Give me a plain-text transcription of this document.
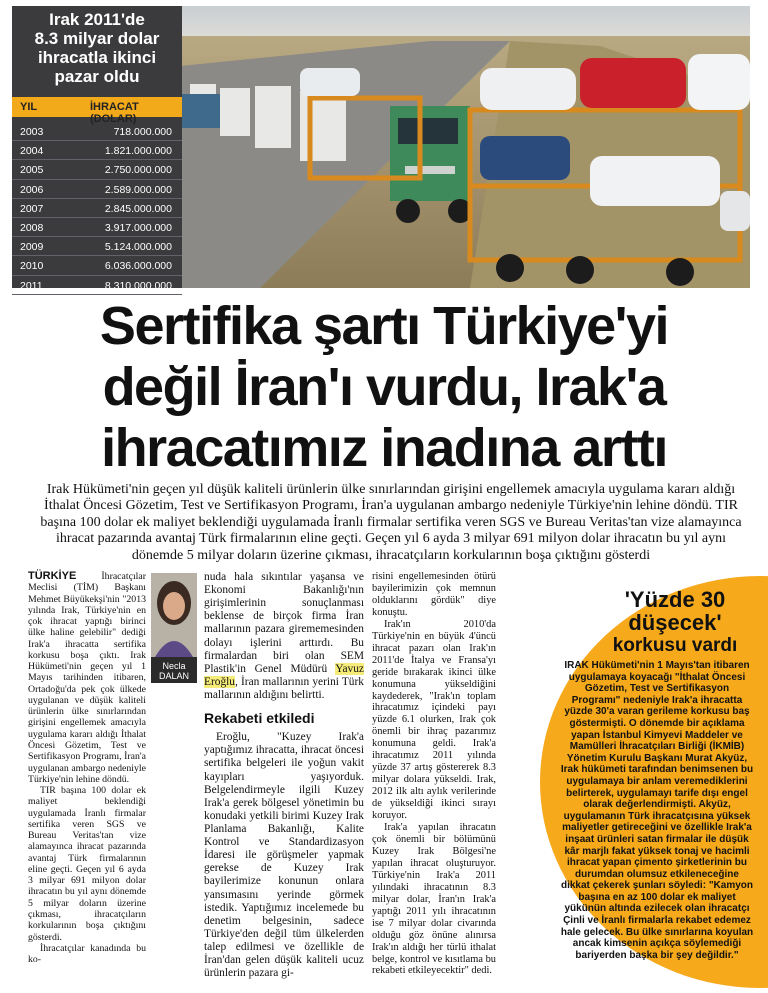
Irak 2011'de
8.3 milyar dolar
ihracatla ikinci
pazar oldu
YIL	İHRACAT (DOLAR)
2003	718.000.000
2004	1.821.000.000
2005	2.750.000.000
2006	2.589.000.000
2007	2.845.000.000
2008	3.917.000.000
2009	5.124.000.000
2010	6.036.000.000
2011	8.310.000.000
Sertifika şartı Türkiye'yi
değil İran'ı vurdu, Irak'a
ihracatımız inadına arttı
Irak Hükümeti'nin geçen yıl düşük kaliteli ürünlerin ülke sınırlarından girişini engellemek amacıyla uygulama kararı aldığı İthalat Öncesi Gözetim, Test ve Sertifikasyon Programı, İran'a uygulanan ambargo nedeniyle Türkiye'nin lehine döndü. TIR başına 100 dolar ek maliyet beklendiği uygulamada İranlı firmalar sertifika veren SGS ve Bureau Veritas'tan vize alamayınca ihracat pazarında avantaj Türk firmalarının eline geçti. Geçen yıl 6 ayda 3 milyar 691 milyon dolar ihracatın bu yıl aynı dönemde 5 milyar doların üzerine çıkması, ihracatçıların korkularının boşa çıktığını gösterdi

TÜRKİYE	İhracatçılar Meclisi (TİM) Başkanı Mehmet Büyükekşi'nin "2013 yılında Irak, Türkiye'nin en çok ihracat yaptığı birinci ülke haline gelebilir" dediği Irak'a ihracatta sertifika korkusu boşa çıktı. Irak Hükümeti'nin geçen yıl 1 Mayıs tarihinden itibaren, Ortadoğu'da pek çok ülkede uygulanan ve düşük kaliteli ürünlerin ülke sınırlarından girişini engellemek amacıyla uygulama kararı aldığı İthalat Öncesi Gözetim, Test ve Sertifikasyon Programı, İran'a uygulanan ambargo nedeniyle Türkiye'nin lehine döndü.

TIR başına 100 dolar ek maliyet beklendiği uygulamada İranlı firmalar sertifika veren SGS ve Bureau Veritas'tan vize alamayınca ihracat pazarında avantaj Türk firmalarının eline geçti. Geçen yıl 6 ayda 3 milyar 691 milyon dolar ihracatın bu yıl aynı dönemde 5 milyar doların üzerine çıkması, ihracatçıların korkularının boşa çıktığını gösterdi.

İhracatçılar kanadında bu ko-

Necla
DALAN

nuda hala sıkıntılar yaşansa ve Ekonomi Bakanlığı'nın girişimlerinin sonuçlanması beklense de birçok firma İran mallarının pazara girememesinden dolayı işlerini arttırdı. Bu firmalardan biri olan SEM Plastik'in Genel Müdürü Yavuz Eroğlu, İran mallarının yerini Türk mallarının aldığını belirtti.

Rekabeti etkiledi

Eroğlu, "Kuzey Irak'a yaptığımız ihracatta, ihracat öncesi sertifika belgeleri ile yoğun vakit kayıpları yaşıyorduk. Belgelendirmeyle ilgili Kuzey Irak'a gerek bölgesel yönetimin bu konudaki yetkili birimi Kuzey Irak Planlama Bakanlığı, Kalite Kontrol ve Standardizasyon İdaresi ile görüşmeler yapmak gerekse de Kuzey Irak bayilerimize konunun onlara yansımasını yerinde görmek istedik. Yaptığımız incelemede bu denetim belgesinin, sadece Türkiye'den değil tüm ülkelerden talep edilmesi ve özellikle de İran'dan gelen düşük kaliteli ucuz ürünlerin pazara gi-

risini engellemesinden ötürü bayilerimizin çok memnun olduklarını gördük" diye konuştu.

Irak'ın 2010'da Türkiye'nin en büyük 4'üncü ihracat pazarı olan Irak'ın 2011'de İtalya ve Fransa'yı geride bırakarak ikinci ülke konumuna yükseldiğini kaydederek, "Irak'ın toplam ihracatımız içindeki payı yüzde 6.1 olurken, Irak çok önemli bir ihraç pazarımız konumuna geldi. Irak'a ihracatımız 2011 yılında yüzde 37 artış göstererek 8.3 milyar dolara yükseldi. Irak, 2012 ilk altı aylık verilerinde de yükseldiği ikinci sırayı koruyor.

Irak'a yapılan ihracatın çok önemli bir bölümünü Kuzey Irak Bölgesi'ne yapılan ihracat oluşturuyor. Türkiye'nin Irak'a 2011 yılındaki ihracatının 8.3 milyar dolar, İran'ın Irak'a yaptığı 2011 yılı ihracatının ise 7 milyar dolar civarında olduğu göz önüne alınırsa Irak'ın aldığı her türlü ithalat belge, kontrol ve kısıtlama bu rekabeti etkileyecektir" dedi.

'Yüzde 30
düşecek'
korkusu vardı
IRAK Hükümeti'nin 1 Mayıs'tan itibaren uygulamaya koyacağı "İthalat Öncesi Gözetim, Test ve Sertifikasyon Programı" nedeniyle Irak'a ihracatta yüzde 30'a varan gerileme korkusu baş göstermişti. O dönemde bir açıklama yapan İstanbul Kimyevi Maddeler ve Mamülleri İhracatçıları Birliği (İKMİB) Yönetim Kurulu Başkanı Murat Akyüz, Irak hükümeti tarafından benimsenen bu uygulamaya bir anlam veremediklerini belirterek, uygulamayı tarife dışı engel olarak değerlendirmişti. Akyüz, uygulamanın Türk ihracatçısına yüksek maliyetler getireceğini ve özellikle Irak'a inşaat ürünleri satan firmalar ile düşük kâr marjlı fakat yüksek tonaj ve hacimli ihracat yapan çimento şirketlerinin bu durumdan olumsuz etkileneceğine dikkat çekerek şunları söyledi: "Kamyon başına en az 100 dolar ek maliyet yükünün altında ezilecek olan ihracatçı Çinli ve İranlı firmalarla rekabet edemez hale gelecek. Bu ülke sınırlarına koyulan ancak kimsenin açıkça söylemediği bariyerden başka bir şey değildir."
